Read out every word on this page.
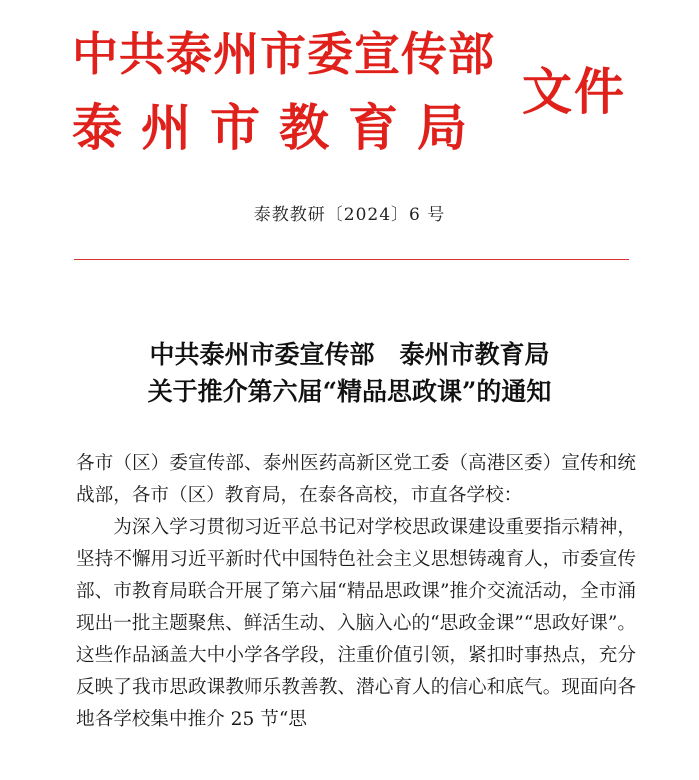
中共泰州市委宣传部
泰州市教育局
文件
泰教教研〔2024〕6 号
中共泰州市委宣传部　泰州市教育局
关于推介第六届“精品思政课”的通知

各市（区）委宣传部、泰州医药高新区党工委（高港区委）宣传和统战部，各市（区）教育局，在泰各高校，市直各学校：

为深入学习贯彻习近平总书记对学校思政课建设重要指示精神，坚持不懈用习近平新时代中国特色社会主义思想铸魂育人，市委宣传部、市教育局联合开展了第六届“精品思政课”推介交流活动，全市涌现出一批主题聚焦、鲜活生动、入脑入心的“思政金课”“思政好课”。这些作品涵盖大中小学各学段，注重价值引领，紧扣时事热点，充分反映了我市思政课教师乐教善教、潜心育人的信心和底气。现面向各地各学校集中推介 25 节“思
